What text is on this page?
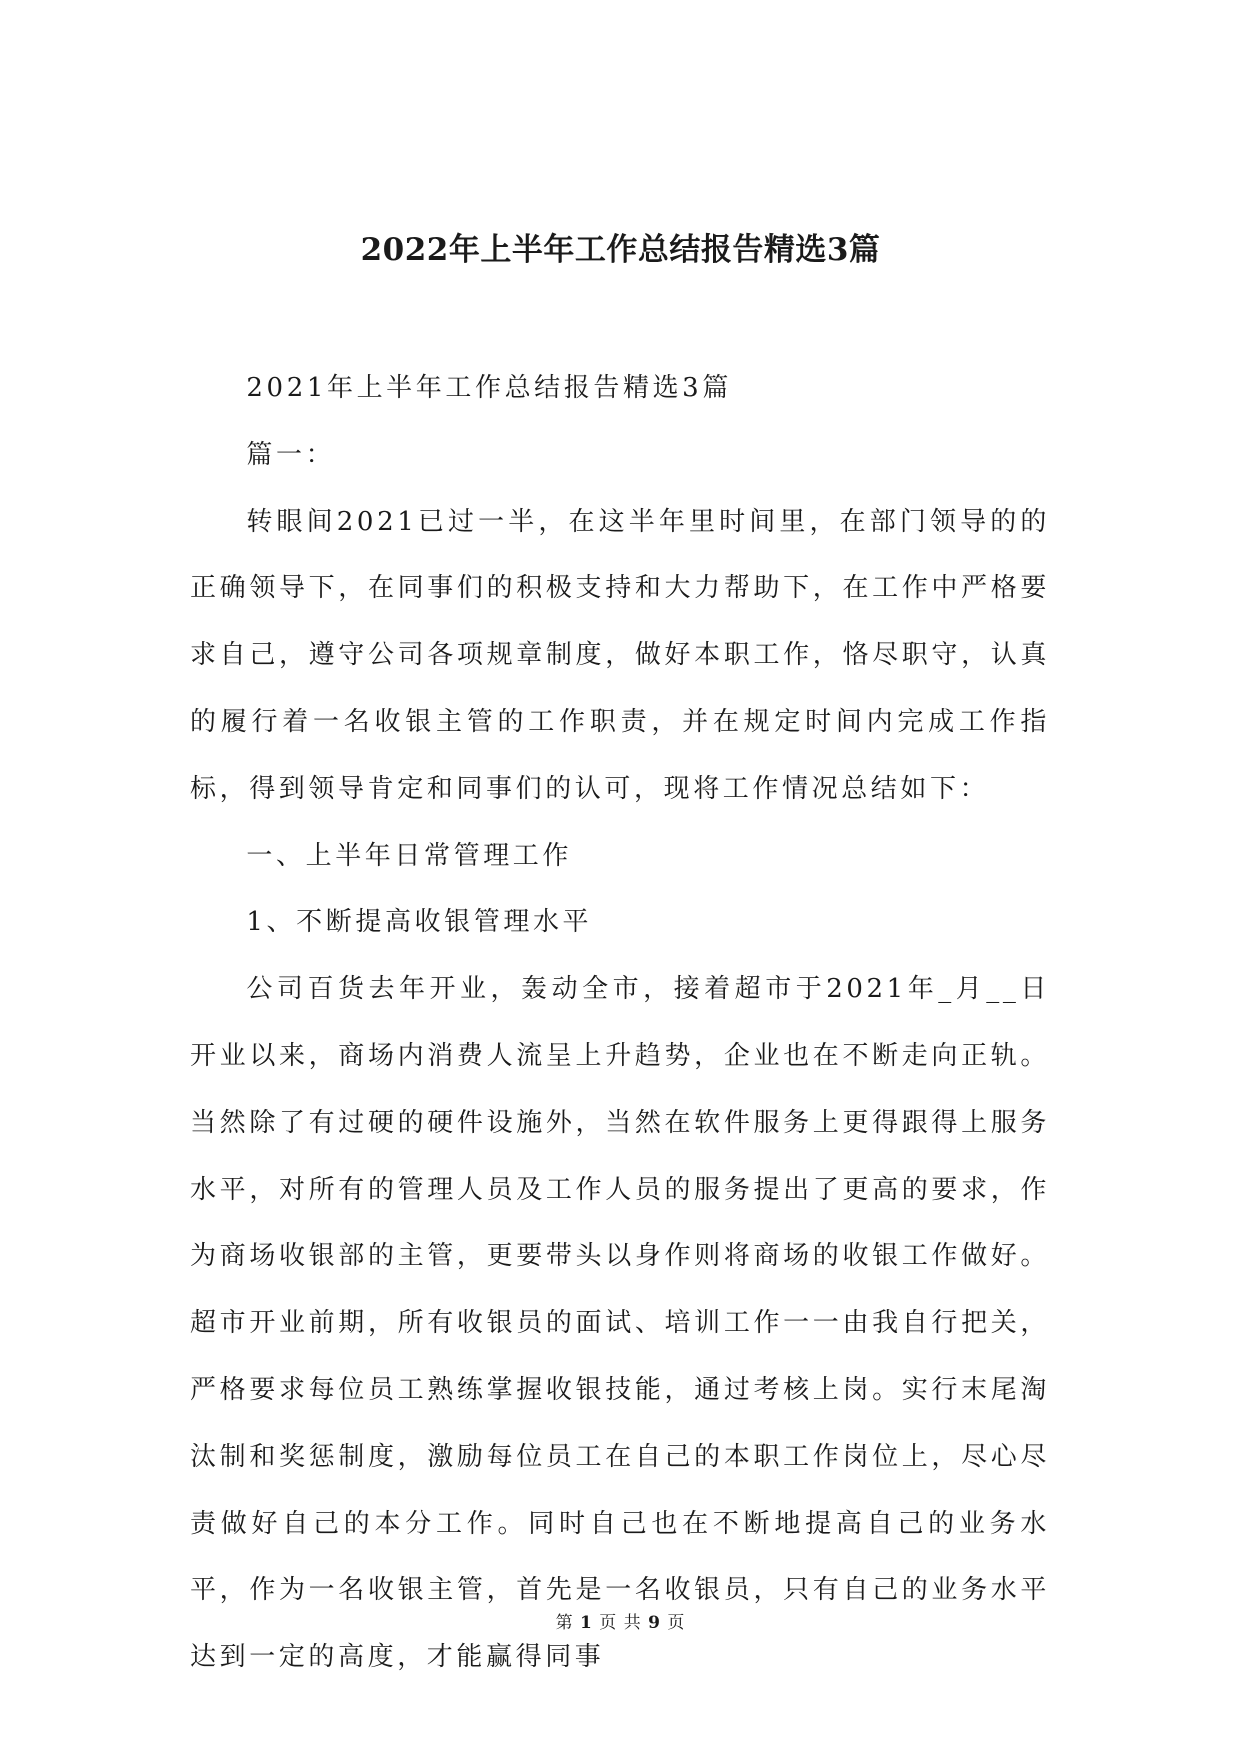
2022年上半年工作总结报告精选3篇

2021年上半年工作总结报告精选3篇

篇一：

转眼间2021已过一半，在这半年里时间里，在部门领导的的正确领导下，在同事们的积极支持和大力帮助下，在工作中严格要求自己，遵守公司各项规章制度，做好本职工作，恪尽职守，认真的履行着一名收银主管的工作职责，并在规定时间内完成工作指标，得到领导肯定和同事们的认可，现将工作情况总结如下：

一、上半年日常管理工作

1、不断提高收银管理水平

公司百货去年开业，轰动全市，接着超市于2021年_月__日开业以来，商场内消费人流呈上升趋势，企业也在不断走向正轨。当然除了有过硬的硬件设施外，当然在软件服务上更得跟得上服务水平，对所有的管理人员及工作人员的服务提出了更高的要求，作为商场收银部的主管，更要带头以身作则将商场的收银工作做好。超市开业前期，所有收银员的面试、培训工作一一由我自行把关，严格要求每位员工熟练掌握收银技能，通过考核上岗。实行末尾淘汰制和奖惩制度，激励每位员工在自己的本职工作岗位上，尽心尽责做好自己的本分工作。同时自己也在不断地提高自己的业务水平，作为一名收银主管，首先是一名收银员，只有自己的业务水平达到一定的高度，才能赢得同事

第 1 页 共 9 页
